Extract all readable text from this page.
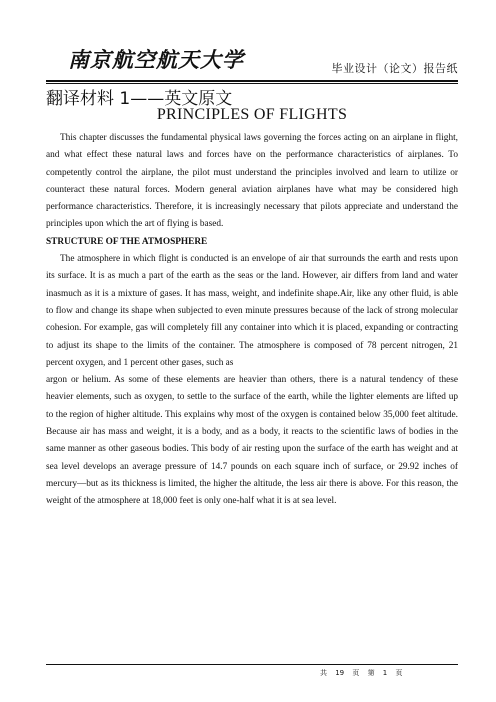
南京航空航天大学	毕业设计（论文）报告纸
翻译材料 1——英文原文
PRINCIPLES OF FLIGHTS

This chapter discusses the fundamental physical laws governing the forces acting on an airplane in flight, and what effect these natural laws and forces have on the performance characteristics of airplanes. To competently control the airplane, the pilot must understand the principles involved and learn to utilize or counteract these natural forces. Modern general aviation airplanes have what may be considered high performance characteristics. Therefore, it is increasingly necessary that pilots appreciate and understand the principles upon which the art of flying is based.

STRUCTURE OF THE ATMOSPHERE

The atmosphere in which flight is conducted is an envelope of air that surrounds the earth and rests upon its surface. It is as much a part of the earth as the seas or the land. However, air differs from land and water inasmuch as it is a mixture of gases. It has mass, weight, and indefinite shape.Air, like any other fluid, is able to flow and change its shape when subjected to even minute pressures because of the lack of strong molecular cohesion. For example, gas will completely fill any container into which it is placed, expanding or contracting to adjust its shape to the limits of the container. The atmosphere is composed of 78 percent nitrogen, 21 percent oxygen, and 1 percent other gases, such as

argon or helium. As some of these elements are heavier than others, there is a natural tendency of these heavier elements, such as oxygen, to settle to the surface of the earth, while the lighter elements are lifted up to the region of higher altitude. This explains why most of the oxygen is contained below 35,000 feet altitude. Because air has mass and weight, it is a body, and as a body, it reacts to the scientific laws of bodies in the same manner as other gaseous bodies. This body of air resting upon the surface of the earth has weight and at sea level develops an average pressure of 14.7 pounds on each square inch of surface, or 29.92 inches of mercury—but as its thickness is limited, the higher the altitude, the less air there is above. For this reason, the weight of the atmosphere at 18,000 feet is only one-half what it is at sea level.

共 19 页 第 1 页
